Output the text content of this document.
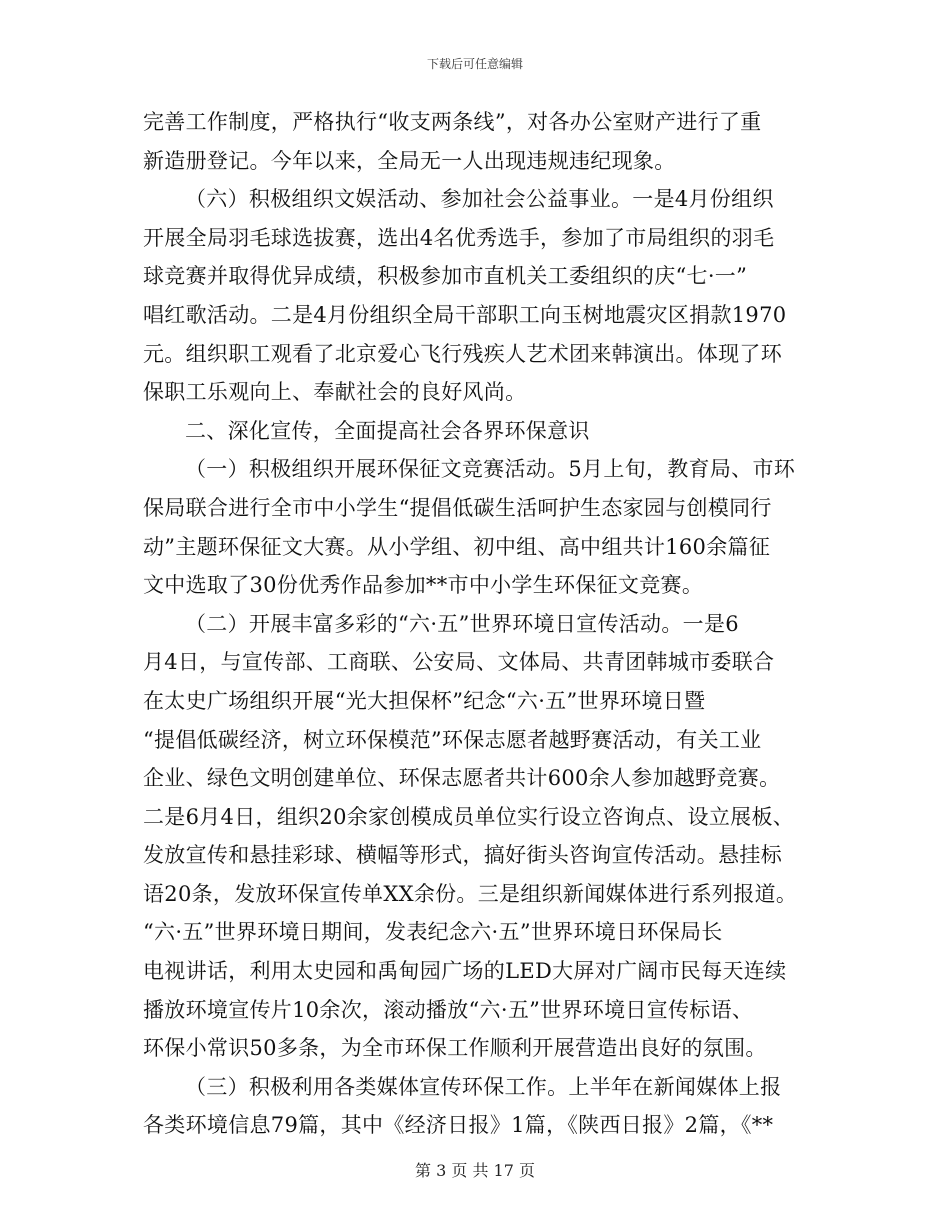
下载后可任意编辑
完善工作制度，严格执行“收支两条线”，对各办公室财产进行了重
新造册登记。今年以来，全局无一人出现违规违纪现象。
（六）积极组织文娱活动、参加社会公益事业。一是4月份组织
开展全局羽毛球选拔赛，选出4名优秀选手，参加了市局组织的羽毛
球竞赛并取得优异成绩，积极参加市直机关工委组织的庆“七·一”
唱红歌活动。二是4月份组织全局干部职工向玉树地震灾区捐款1970
元。组织职工观看了北京爱心飞行残疾人艺术团来韩演出。体现了环
保职工乐观向上、奉献社会的良好风尚。
二、深化宣传，全面提高社会各界环保意识
（一）积极组织开展环保征文竞赛活动。5月上旬，教育局、市环
保局联合进行全市中小学生“提倡低碳生活呵护生态家园与创模同行
动”主题环保征文大赛。从小学组、初中组、高中组共计160余篇征
文中选取了30份优秀作品参加**市中小学生环保征文竞赛。
（二）开展丰富多彩的“六·五”世界环境日宣传活动。一是6
月4日，与宣传部、工商联、公安局、文体局、共青团韩城市委联合
在太史广场组织开展“光大担保杯”纪念“六·五”世界环境日暨
“提倡低碳经济，树立环保模范”环保志愿者越野赛活动，有关工业
企业、绿色文明创建单位、环保志愿者共计600余人参加越野竞赛。
二是6月4日，组织20余家创模成员单位实行设立咨询点、设立展板、
发放宣传和悬挂彩球、横幅等形式，搞好街头咨询宣传活动。悬挂标
语20条，发放环保宣传单XX余份。三是组织新闻媒体进行系列报道。
“六·五”世界环境日期间，发表纪念六·五”世界环境日环保局长
电视讲话，利用太史园和禹甸园广场的LED大屏对广阔市民每天连续
播放环境宣传片10余次，滚动播放“六·五”世界环境日宣传标语、
环保小常识50多条，为全市环保工作顺利开展营造出良好的氛围。
（三）积极利用各类媒体宣传环保工作。上半年在新闻媒体上报
各类环境信息79篇，其中《经济日报》1篇，《陕西日报》2篇，《**
第 3 页 共 17 页
